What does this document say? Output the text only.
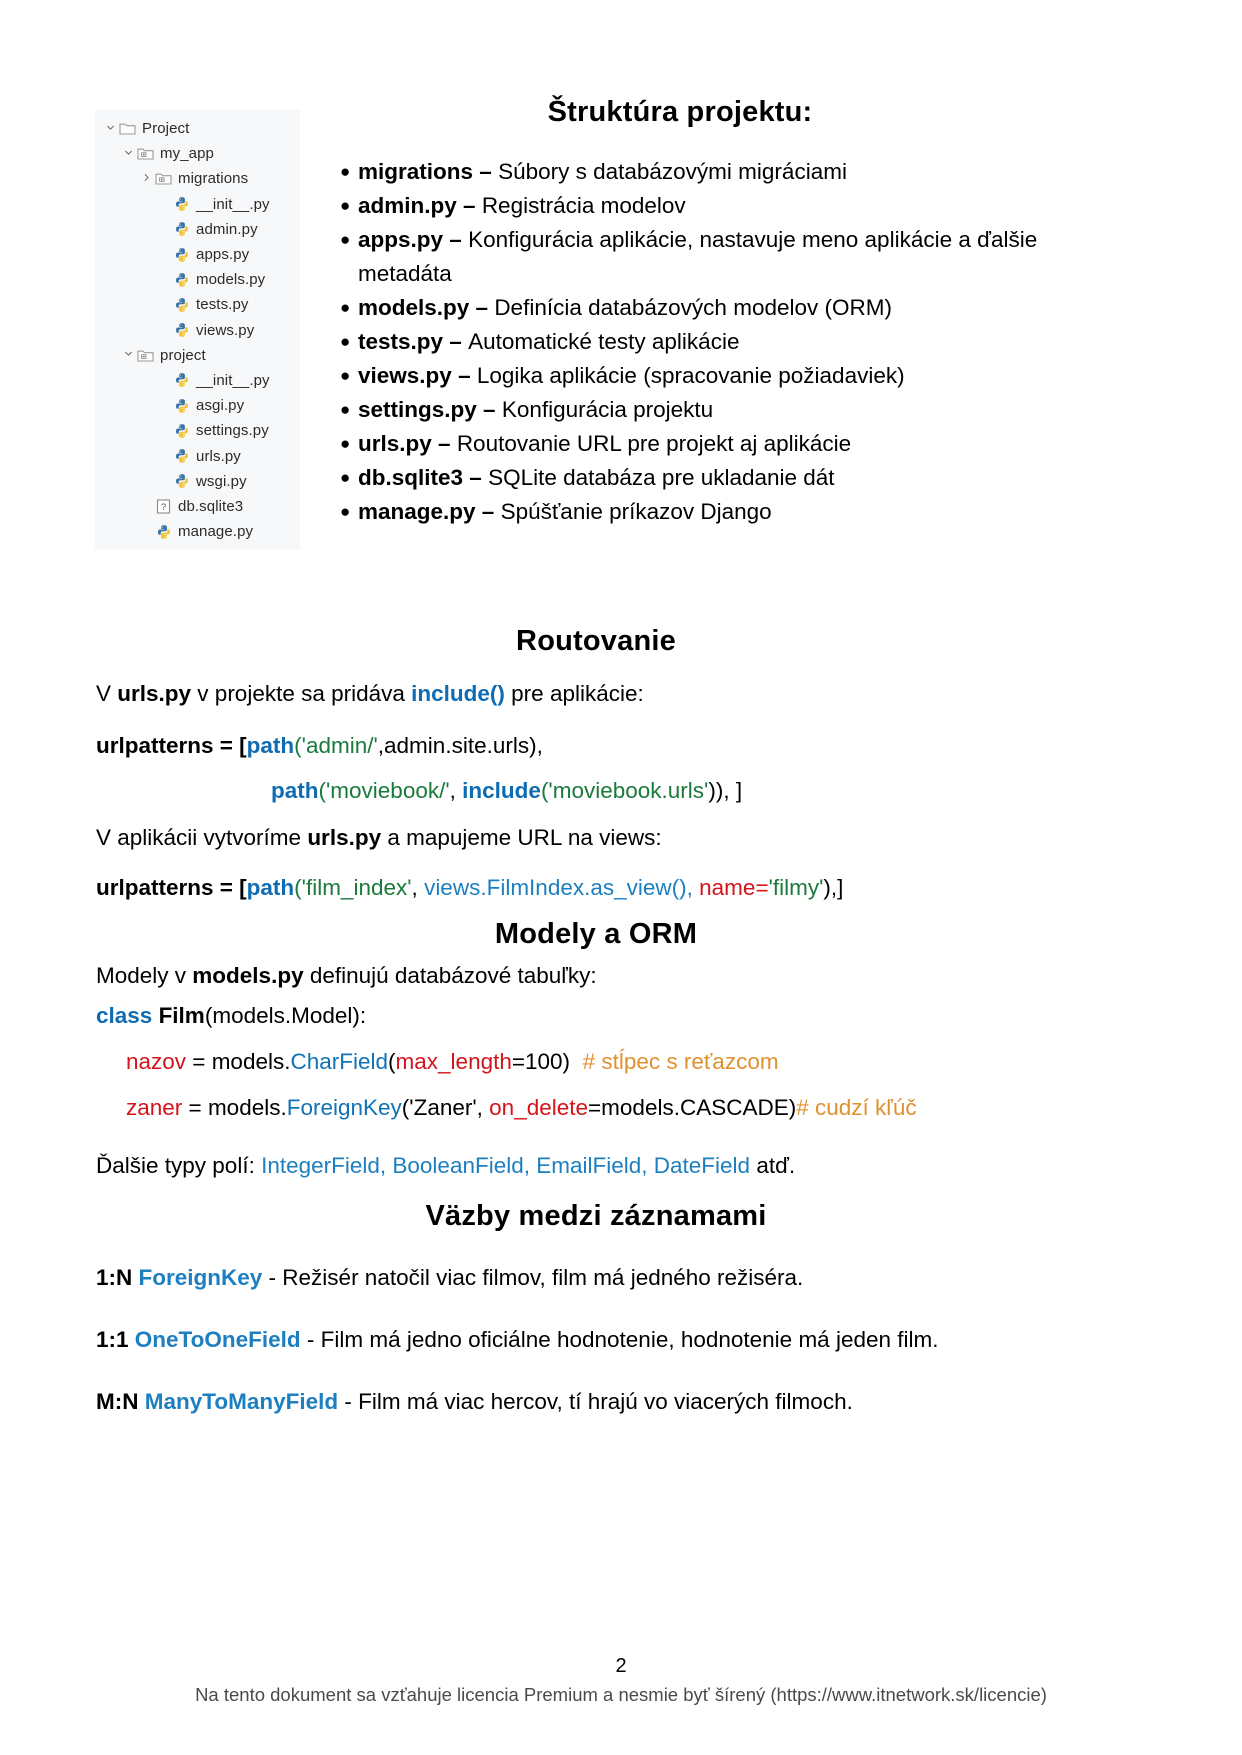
Project
my_app
migrations
__init__.py
admin.py
apps.py
models.py
tests.py
views.py
project
__init__.py
asgi.py
settings.py
urls.py
wsgi.py
? db.sqlite3
manage.py
Štruktúra projektu:

● migrations – Súbory s databázovými migráciami

● admin.py – Registrácia modelov

● apps.py – Konfigurácia aplikácie, nastavuje meno aplikácie a ďalšie metadáta

● models.py – Definícia databázových modelov (ORM)

● tests.py – Automatické testy aplikácie

● views.py – Logika aplikácie (spracovanie požiadaviek)

● settings.py – Konfigurácia projektu

● urls.py – Routovanie URL pre projekt aj aplikácie

● db.sqlite3 – SQLite databáza pre ukladanie dát

● manage.py – Spúšťanie príkazov Django

Routovanie
V urls.py v projekte sa pridáva include() pre aplikácie:
urlpatterns = [path('admin/',admin.site.urls),
path('moviebook/', include('moviebook.urls')), ]
V aplikácii vytvoríme urls.py a mapujeme URL na views:
urlpatterns = [path('film_index', views.FilmIndex.as_view(), name='filmy'),]
Modely a ORM
Modely v models.py definujú databázové tabuľky:
class Film(models.Model):
nazov = models.CharField(max_length=100) # stĺpec s reťazcom
zaner = models.ForeignKey('Zaner', on_delete=models.CASCADE)# cudzí kľúč
Ďalšie typy polí: IntegerField, BooleanField, EmailField, DateField atď.
Väzby medzi záznamami

1:N ForeignKey - Režisér natočil viac filmov, film má jedného režiséra.

1:1 OneToOneField - Film má jedno oficiálne hodnotenie, hodnotenie má jeden film.

M:N ManyToManyField - Film má viac hercov, tí hrajú vo viacerých filmoch.

2
Na tento dokument sa vzťahuje licencia Premium a nesmie byť šírený (https://www.itnetwork.sk/licencie)
